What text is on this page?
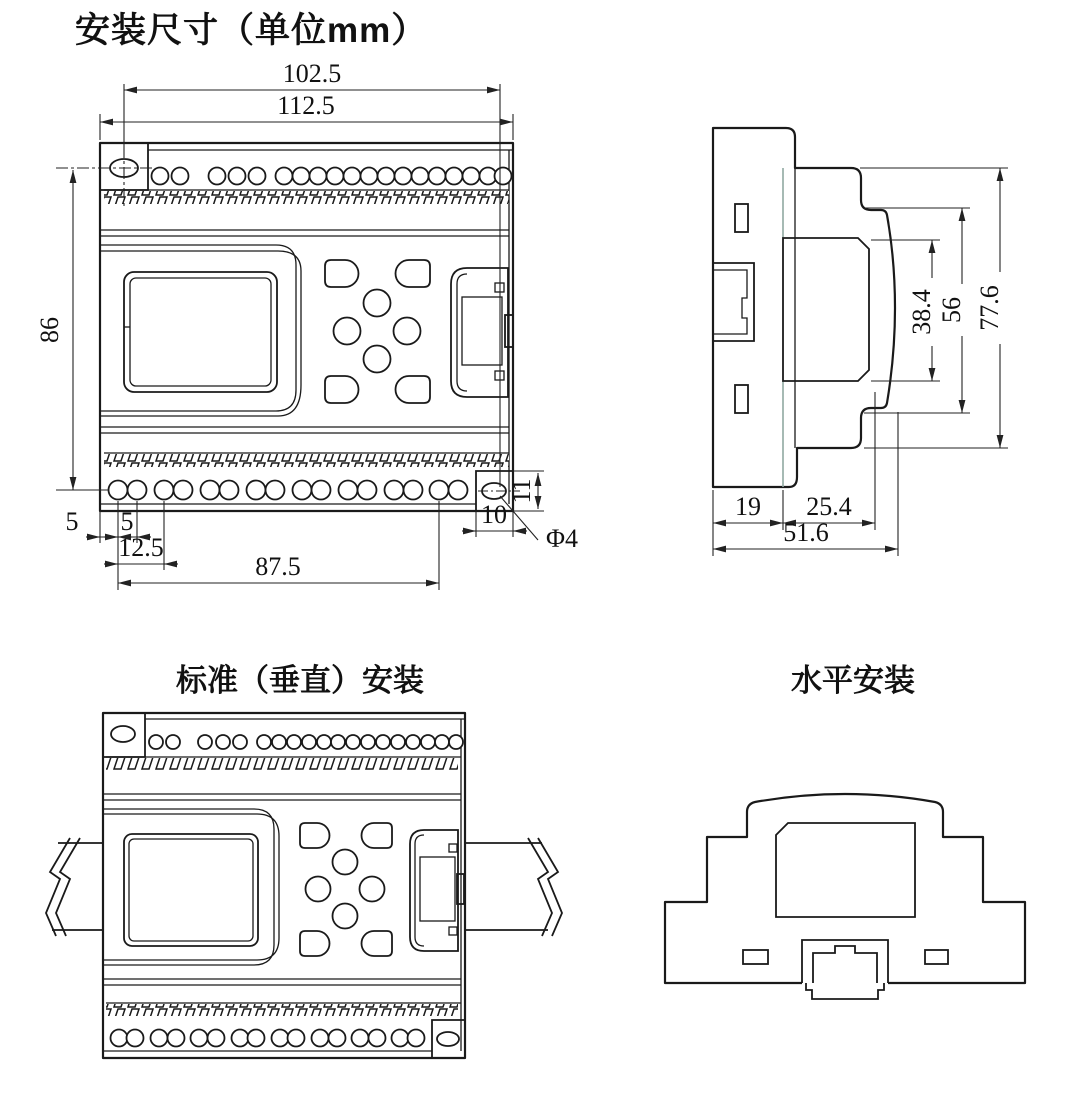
安装尺寸（单位mm）
102.5
112.5
86
5 5
12.5
87.5
10
11
Φ4
38.4 56 77.6
19 25.4
51.6
标准（垂直）安装	水平安装
